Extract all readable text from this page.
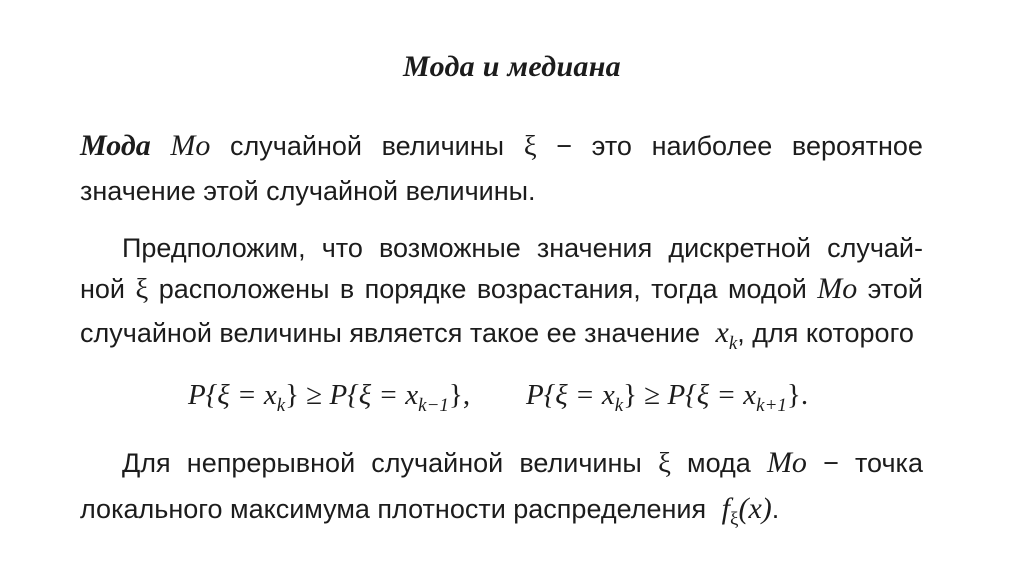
Мода и медиана
Мода Mo случайной величины ξ − это наиболее вероятное
значение этой случайной величины.
Предположим, что возможные значения дискретной случай-
ной ξ расположены в порядке возрастания, тогда модой Mo этой
случайной величины является такое ее значение $x_k$, для которого
$P\{\xi = x_k\} \ge P\{\xi = x_{k-1}\}$, $P\{\xi = x_k\} \ge P\{\xi = x_{k+1}\}$.
Для непрерывной случайной величины ξ мода Mo − точка
локального максимума плотности распределения $f_\xi(x)$.
